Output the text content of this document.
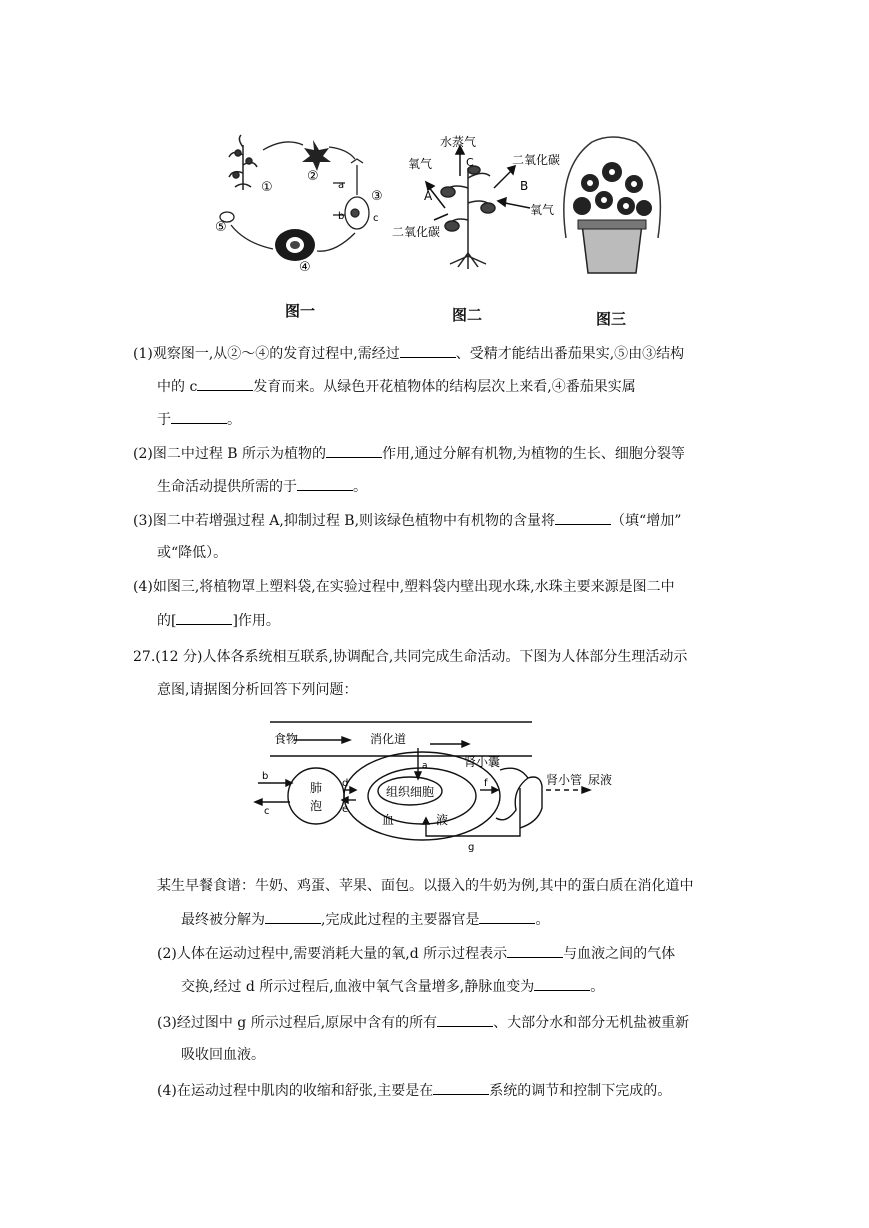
①
②
③
④
⑤
a
b	c
图一
水蒸气
C
氧气
A
二氧化碳
B
氧气
二氧化碳
图二	图三
(1)观察图一,从②～④的发育过程中,需经过	、受精才能结出番茄果实,⑤由③结构
中的 c	发育而来。从绿色开花植物体的结构层次上来看,④番茄果实属
于	。
(2)图二中过程 B 所示为植物的	作用,通过分解有机物,为植物的生长、细胞分裂等
生命活动提供所需的于	。
(3)图二中若增强过程 A,抑制过程 B,则该绿色植物中有机物的含量将	（填“增加”
或“降低）。
(4)如图三,将植物罩上塑料袋,在实验过程中,塑料袋内壁出现水珠,水珠主要来源是图二中
的[	]作用。
27.(12 分)人体各系统相互联系,协调配合,共同完成生命活动。下图为人体部分生理活动示
意图,请据图分析回答下列问题：
食物	消化道
肾小囊
肺
泡
组织细胞
血	液
肾小管 尿液
a
b
c
d
e
f
g
某生早餐食谱：牛奶、鸡蛋、苹果、面包。以摄入的牛奶为例,其中的蛋白质在消化道中
最终被分解为	,完成此过程的主要器官是	。
(2)人体在运动过程中,需要消耗大量的氧,d 所示过程表示	与血液之间的气体
交换,经过 d 所示过程后,血液中氧气含量增多,静脉血变为	。
(3)经过图中 g 所示过程后,原尿中含有的所有	、大部分水和部分无机盐被重新
吸收回血液。
(4)在运动过程中肌肉的收缩和舒张,主要是在	系统的调节和控制下完成的。
